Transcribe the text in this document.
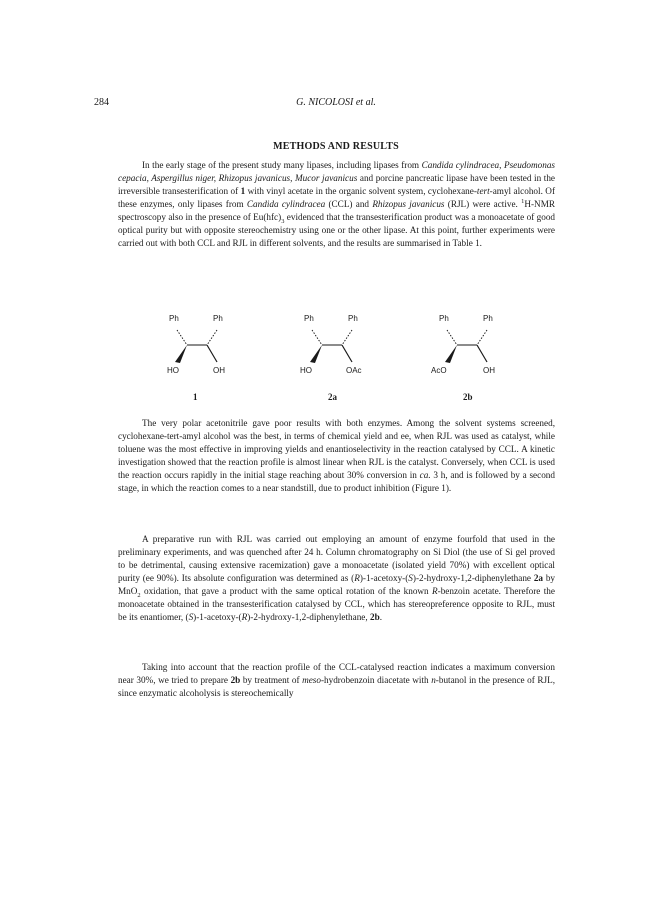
284	G. NICOLOSI et al.
METHODS AND RESULTS

In the early stage of the present study many lipases, including lipases from Candida cylindracea, Pseudomonas cepacia, Aspergillus niger, Rhizopus javanicus, Mucor javanicus and porcine pancreatic lipase have been tested in the irreversible transesterification of 1 with vinyl acetate in the organic solvent system, cyclohexane-tert-amyl alcohol. Of these enzymes, only lipases from Candida cylindracea (CCL) and Rhizopus javanicus (RJL) were active. $^1$H-NMR spectroscopy also in the presence of $Eu(hfc)_3$ evidenced that the transesterification product was a monoacetate of good optical purity but with opposite stereochemistry using one or the other lipase. At this point, further experiments were carried out with both CCL and RJL in different solvents, and the results are summarised in Table 1.

Ph	Ph
HO	OH
1
Ph	Ph
HO	OAc
2a
Ph	Ph
AcO	OH
2b

The very polar acetonitrile gave poor results with both enzymes. Among the solvent systems screened, cyclohexane-tert-amyl alcohol was the best, in terms of chemical yield and ee, when RJL was used as catalyst, while toluene was the most effective in improving yields and enantioselectivity in the reaction catalysed by CCL. A kinetic investigation showed that the reaction profile is almost linear when RJL is the catalyst. Conversely, when CCL is used the reaction occurs rapidly in the initial stage reaching about 30% conversion in ca. 3 h, and is followed by a second stage, in which the reaction comes to a near standstill, due to product inhibition (Figure 1).

A preparative run with RJL was carried out employing an amount of enzyme fourfold that used in the preliminary experiments, and was quenched after 24 h. Column chromatography on Si Diol (the use of Si gel proved to be detrimental, causing extensive racemization) gave a monoacetate (isolated yield 70%) with excellent optical purity (ee 90%). Its absolute configuration was determined as (R)-1-acetoxy-(S)-2-hydroxy-1,2-diphenylethane 2a by MnO$_2$ oxidation, that gave a product with the same optical rotation of the known R-benzoin acetate. Therefore the monoacetate obtained in the transesterification catalysed by CCL, which has stereopreference opposite to RJL, must be its enantiomer, (S)-1-acetoxy-(R)-2-hydroxy-1,2-diphenylethane, 2b.

Taking into account that the reaction profile of the CCL-catalysed reaction indicates a maximum conversion near 30%, we tried to prepare 2b by treatment of meso-hydrobenzoin diacetate with n-butanol in the presence of RJL, since enzymatic alcoholysis is stereochemically
